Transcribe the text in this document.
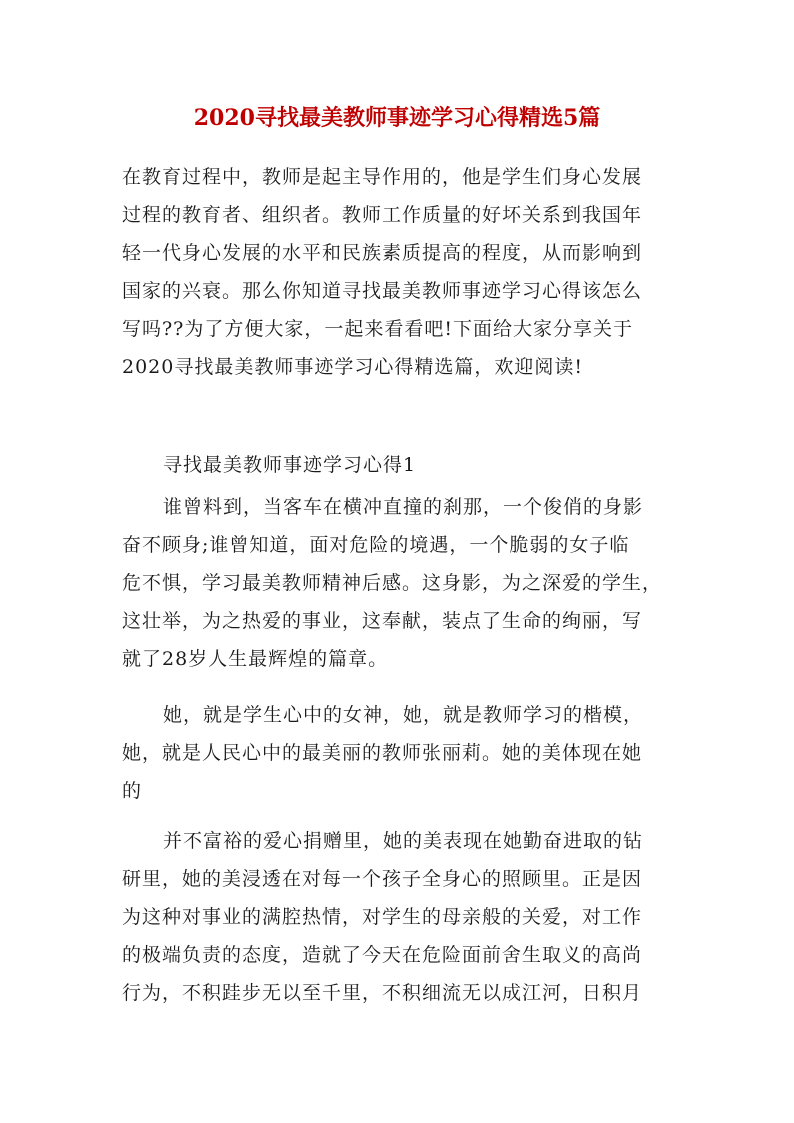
2020寻找最美教师事迹学习心得精选5篇
在教育过程中，教师是起主导作用的，他是学生们身心发展
过程的教育者、组织者。教师工作质量的好坏关系到我国年
轻一代身心发展的水平和民族素质提高的程度，从而影响到
国家的兴衰。那么你知道寻找最美教师事迹学习心得该怎么
写吗??为了方便大家，一起来看看吧!下面给大家分享关于
2020寻找最美教师事迹学习心得精选篇，欢迎阅读!
寻找最美教师事迹学习心得1
谁曾料到，当客车在横冲直撞的刹那，一个俊俏的身影
奋不顾身;谁曾知道，面对危险的境遇，一个脆弱的女子临
危不惧，学习最美教师精神后感。这身影，为之深爱的学生，
这壮举，为之热爱的事业，这奉献，装点了生命的绚丽，写
就了28岁人生最辉煌的篇章。
她，就是学生心中的女神，她，就是教师学习的楷模，
她，就是人民心中的最美丽的教师张丽莉。她的美体现在她
的
并不富裕的爱心捐赠里，她的美表现在她勤奋进取的钻
研里，她的美浸透在对每一个孩子全身心的照顾里。正是因
为这种对事业的满腔热情，对学生的母亲般的关爱，对工作
的极端负责的态度，造就了今天在危险面前舍生取义的高尚
行为，不积跬步无以至千里，不积细流无以成江河，日积月
